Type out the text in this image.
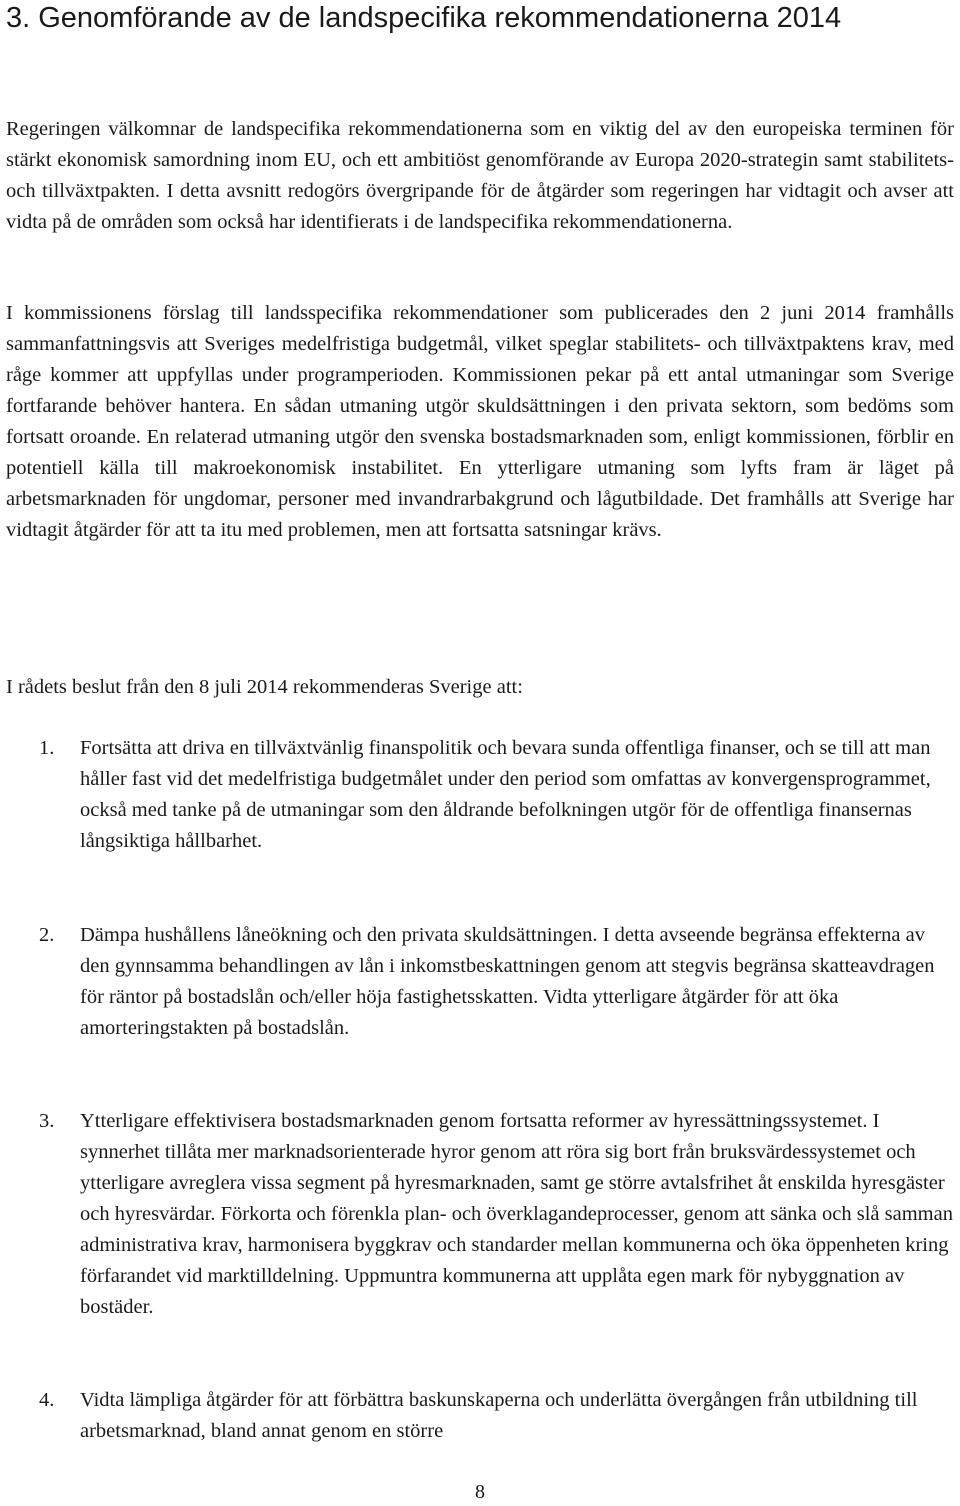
3. Genomförande av de landspecifika rekommendationerna 2014

Regeringen välkomnar de landspecifika rekommendationerna som en viktig del av den europeiska terminen för stärkt ekonomisk samordning inom EU, och ett ambitiöst genomförande av Europa 2020-strategin samt stabilitets- och tillväxtpakten. I detta avsnitt redogörs övergripande för de åtgärder som regeringen har vidtagit och avser att vidta på de områden som också har identifierats i de landspecifika rekommendationerna.

I kommissionens förslag till landsspecifika rekommendationer som publicerades den 2 juni 2014 framhålls sammanfattningsvis att Sveriges medelfristiga budgetmål, vilket speglar stabilitets- och tillväxtpaktens krav, med råge kommer att uppfyllas under programperioden. Kommissionen pekar på ett antal utmaningar som Sverige fortfarande behöver hantera. En sådan utmaning utgör skuldsättningen i den privata sektorn, som bedöms som fortsatt oroande. En relaterad utmaning utgör den svenska bostadsmarknaden som, enligt kommissionen, förblir en potentiell källa till makroekonomisk instabilitet. En ytterligare utmaning som lyfts fram är läget på arbetsmarknaden för ungdomar, personer med invandrarbakgrund och lågutbildade. Det framhålls att Sverige har vidtagit åtgärder för att ta itu med problemen, men att fortsatta satsningar krävs.

I rådets beslut från den 8 juli 2014 rekommenderas Sverige att:

1.	Fortsätta att driva en tillväxtvänlig finanspolitik och bevara sunda offentliga finanser, och se till att man håller fast vid det medelfristiga budgetmålet under den period som omfattas av konvergensprogrammet, också med tanke på de utmaningar som den åldrande befolkningen utgör för de offentliga finansernas långsiktiga hållbarhet.
2.	Dämpa hushållens låneökning och den privata skuldsättningen. I detta avseende begränsa effekterna av den gynnsamma behandlingen av lån i inkomstbeskattningen genom att stegvis begränsa skatteavdragen för räntor på bostadslån och/eller höja fastighetsskatten. Vidta ytterligare åtgärder för att öka amorteringstakten på bostadslån.
3.	Ytterligare effektivisera bostadsmarknaden genom fortsatta reformer av hyressättningssystemet. I synnerhet tillåta mer marknadsorienterade hyror genom att röra sig bort från bruksvärdessystemet och ytterligare avreglera vissa segment på hyresmarknaden, samt ge större avtalsfrihet åt enskilda hyresgäster och hyresvärdar. Förkorta och förenkla plan- och överklagandeprocesser, genom att sänka och slå samman administrativa krav, harmonisera byggkrav och standarder mellan kommunerna och öka öppenheten kring förfarandet vid marktilldelning. Uppmuntra kommunerna att upplåta egen mark för nybyggnation av bostäder.
4.	Vidta lämpliga åtgärder för att förbättra baskunskaperna och underlätta övergången från utbildning till arbetsmarknad, bland annat genom en större
8
